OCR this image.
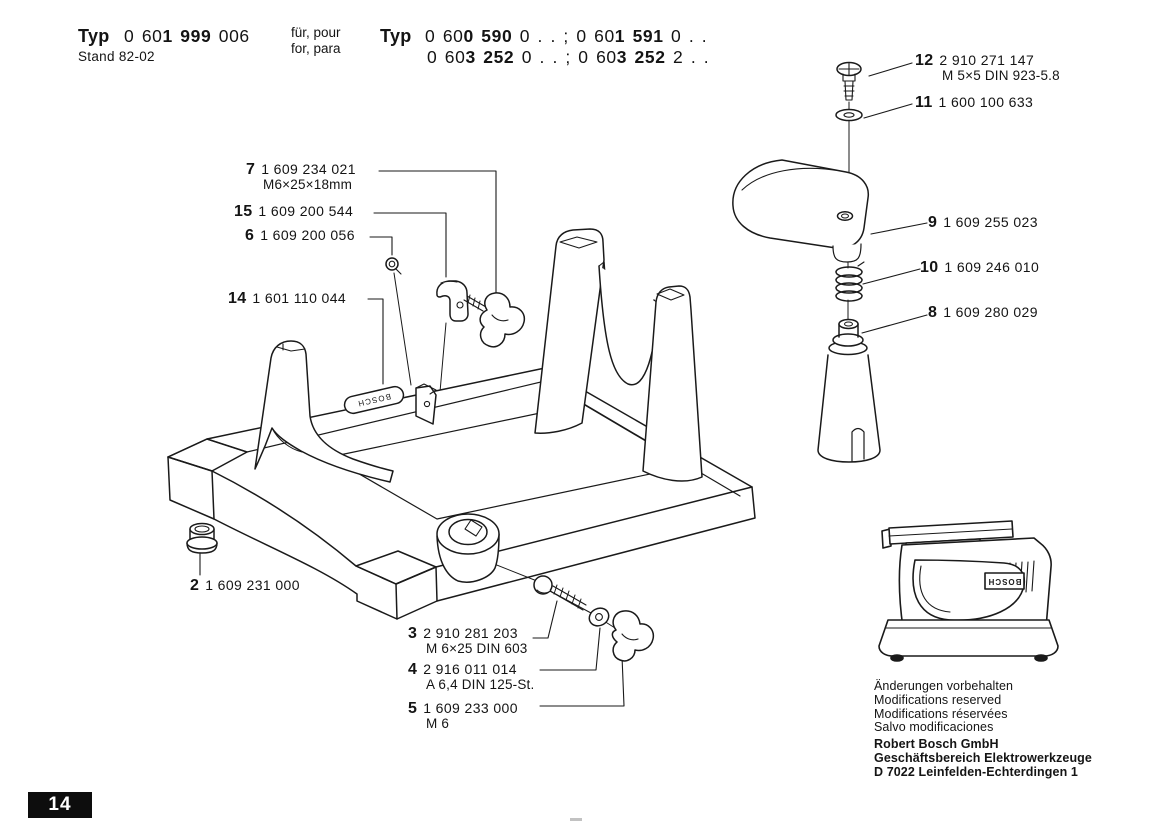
BOSCH
BOSCH
Typ 0 601 999 006
Stand 82-02
für, pour
for, para
Typ 0 600 590 0 . . ; 0 601 591 0 . .
0 603 252 0 . . ; 0 603 252 2 . .	12 2 910 271 147
M 5×5 DIN 923-5.8
11 1 600 100 633
9 1 609 255 023
10 1 609 246 010
8 1 609 280 029
7 1 609 234 021
M6×25×18mm
15 1 609 200 544
6 1 609 200 056
14 1 601 110 044
2 1 609 231 000
3 2 910 281 203
M 6×25 DIN 603
4 2 916 011 014
A 6,4 DIN 125-St.
5 1 609 233 000
M 6
Änderungen vorbehalten
Modifications reserved
Modifications réservées
Salvo modificaciones
Robert Bosch GmbH
Geschäftsbereich Elektrowerkzeuge
D 7022 Leinfelden-Echterdingen 1
14
